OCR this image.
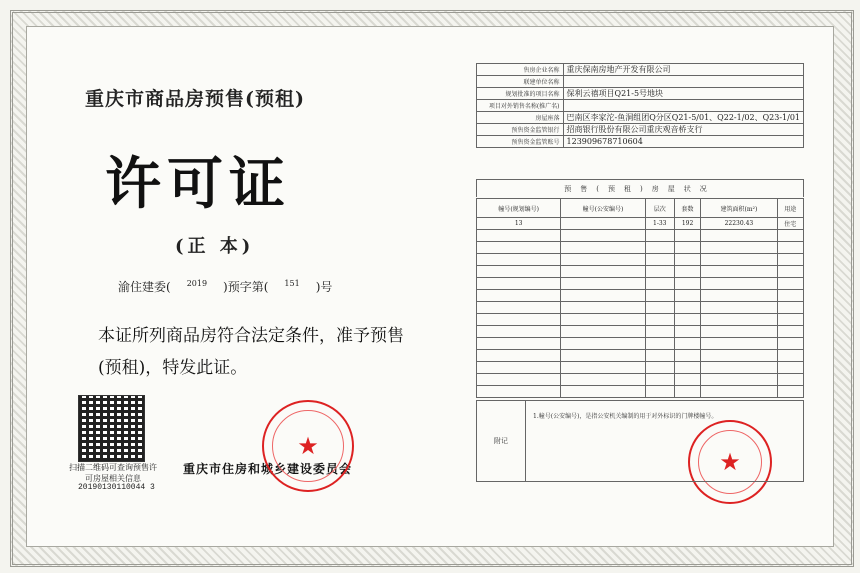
重庆市商品房预售(预租)
许可证
(正 本)
渝住建委( $^{2019}$ )预字第( $^{151}$ )号
本证所列商品房符合法定条件，准予预售(预租)，特发此证。
扫描二维码可查询预售许可房屋相关信息
20190130110044 3
重庆市住房和城乡建设委员会
★
★
售房企业名称	重庆保南房地产开发有限公司
联建单位名称	
规划批准的项目名称	保利云禧项目Q21-5号地块
项目对外销售名称(推广名)	
房屋座落	巴南区李家沱-鱼洞组团Q分区Q21-5/01、Q22-1/02、Q23-1/01
预售资金监管银行	招商银行股份有限公司重庆观音桥支行
预售资金监管账号	123909678710604
预售(预租)房屋状况
幢号(规划编号)	幢号(公安编号)	层次	套数	建筑面积(m²)	用途
13		1-33	192	22230.43	住宅

附记
1.幢号(公安编号)，是指公安机关编制的用于对外标识的门牌楼幢号。
